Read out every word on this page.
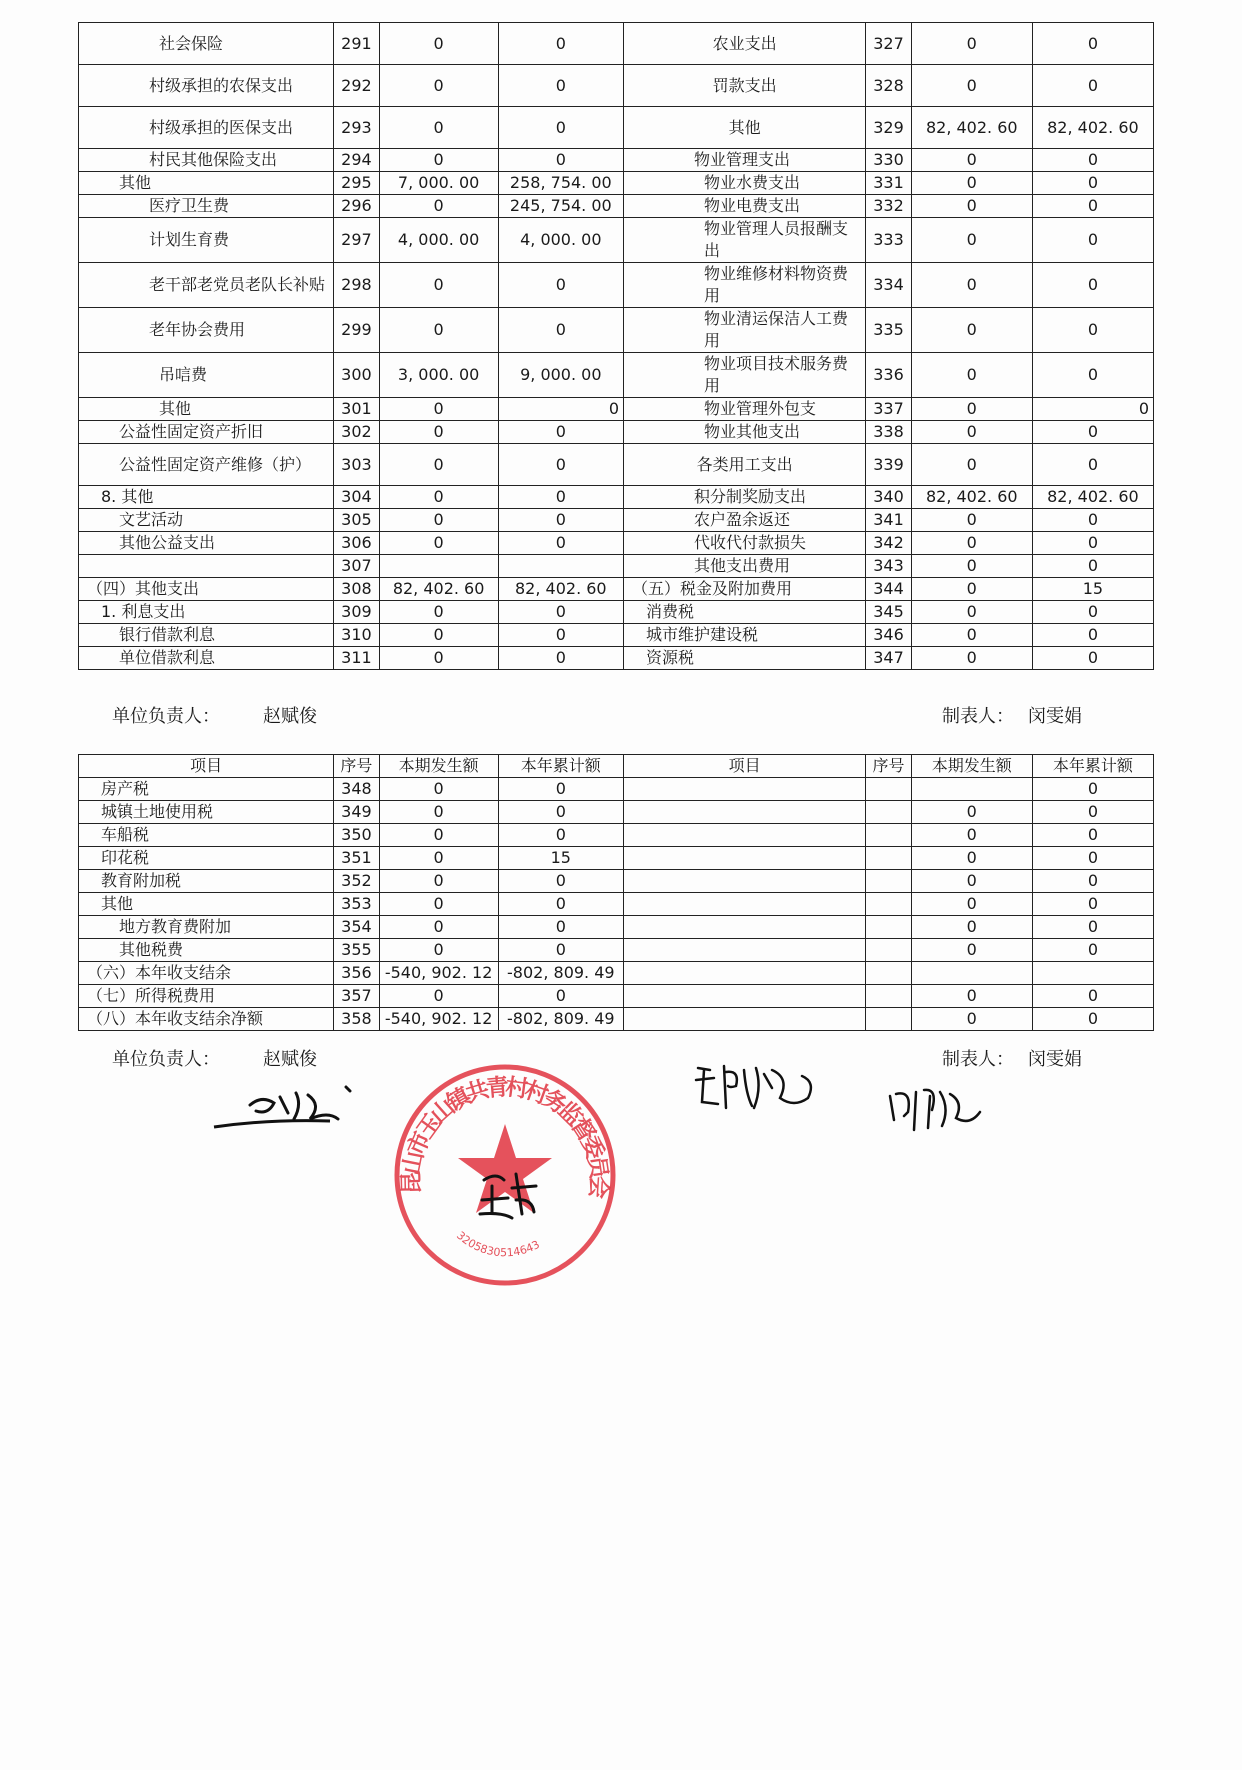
社会保险	291	0	0	农业支出	327	0	0
村级承担的农保支出	292	0	0	罚款支出	328	0	0
村级承担的医保支出	293	0	0	其他	329	82, 402. 60	82, 402. 60
村民其他保险支出	294	0	0	物业管理支出	330	0	0
其他	295	7, 000. 00	258, 754. 00	物业水费支出	331	0	0
医疗卫生费	296	0	245, 754. 00	物业电费支出	332	0	0
计划生育费	297	4, 000. 00	4, 000. 00	物业管理人员报酬支出	333	0	0
老干部老党员老队长补贴	298	0	0	物业维修材料物资费用	334	0	0
老年协会费用	299	0	0	物业清运保洁人工费用	335	0	0
吊唁费	300	3, 000. 00	9, 000. 00	物业项目技术服务费用	336	0	0
其他	301	0	0	物业管理外包支	337	0	0
公益性固定资产折旧	302	0	0	物业其他支出	338	0	0
公益性固定资产维修（护）	303	0	0	各类用工支出	339	0	0
8. 其他	304	0	0	积分制奖励支出	340	82, 402. 60	82, 402. 60
文艺活动	305	0	0	农户盈余返还	341	0	0
其他公益支出	306	0	0	代收代付款损失	342	0	0
	307			其他支出费用	343	0	0
（四）其他支出	308	82, 402. 60	82, 402. 60	（五）税金及附加费用	344	0	15
1. 利息支出	309	0	0	消费税	345	0	0
银行借款利息	310	0	0	城市维护建设税	346	0	0
单位借款利息	311	0	0	资源税	347	0	0
单位负责人： 赵赋俊	制表人： 闵雯娟
项目	序号	本期发生额	本年累计额	项目	序号	本期发生额	本年累计额
房产税	348	0	0				0
城镇土地使用税	349	0	0			0	0
车船税	350	0	0			0	0
印花税	351	0	15			0	0
教育附加税	352	0	0			0	0
其他	353	0	0			0	0
地方教育费附加	354	0	0			0	0
其他税费	355	0	0			0	0
（六）本年收支结余	356	-540, 902. 12	-802, 809. 49				
（七）所得税费用	357	0	0			0	0
（八）本年收支结余净额	358	-540, 902. 12	-802, 809. 49			0	0
单位负责人： 赵赋俊	制表人： 闵雯娟
昆山市玉山镇共青村村务监督委员会
3205830514643
